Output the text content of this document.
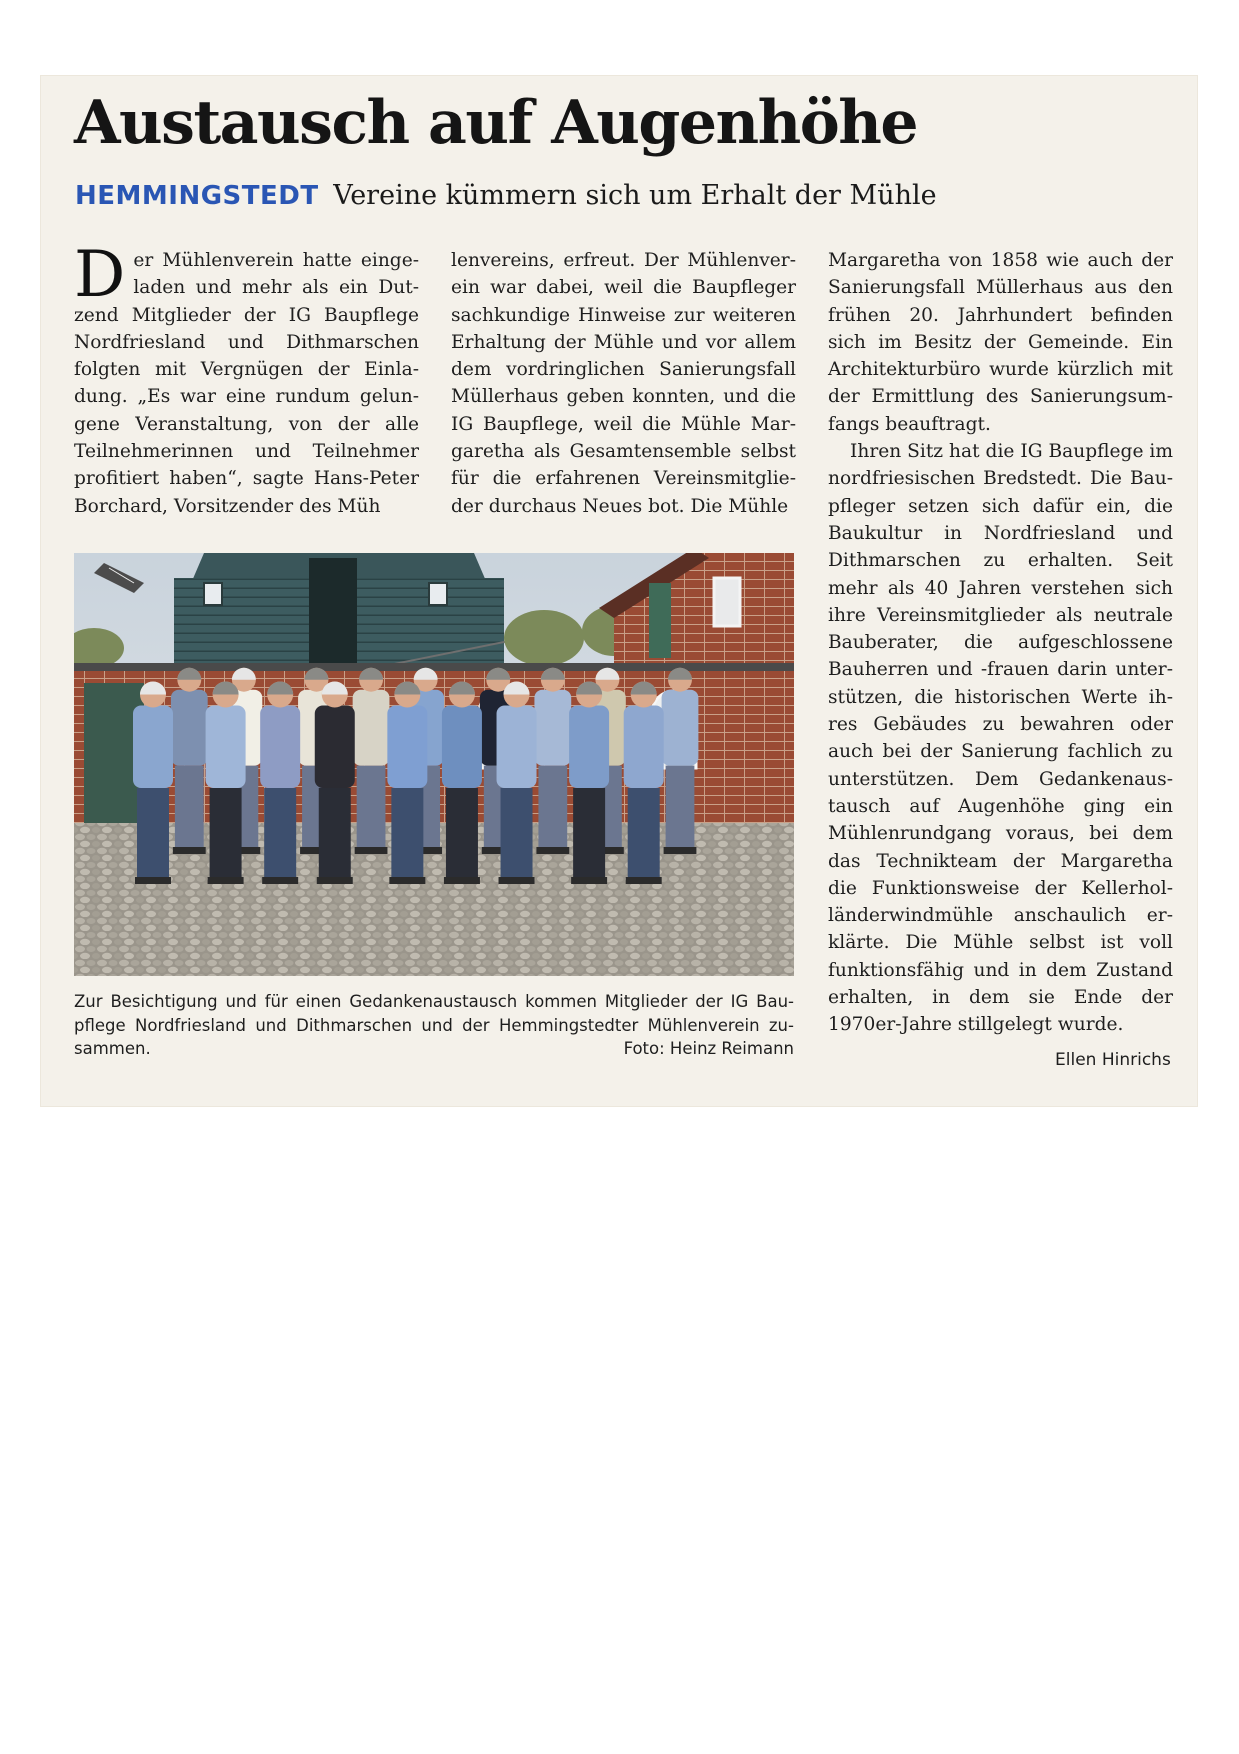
Austausch auf Augenhöhe
HEMMINGSTEDT Vereine kümmern sich um Erhalt der Mühle

Der Mühlenverein hatte eingeladen und mehr als ein Dutzend Mitglieder der IG Baupflege Nordfriesland und Dithmarschen folgten mit Vergnügen der Einladung. „Es war eine rundum gelungene Veranstaltung, von der alle Teilnehmerinnen und Teilnehmer profitiert haben“, sagte Hans-Peter Borchard, Vorsitzender des Müh

lenvereins, erfreut. Der Mühlenverein war dabei, weil die Baupfleger sachkundige Hinweise zur weiteren Erhaltung der Mühle und vor allem dem vordringlichen Sanierungsfall Müllerhaus geben konnten, und die IG Baupflege, weil die Mühle Margaretha als Gesamtensemble selbst für die erfahrenen Vereinsmitglieder durchaus Neues bot. Die Mühle

Margaretha von 1858 wie auch der Sanierungsfall Müllerhaus aus den frühen 20. Jahrhundert befinden sich im Besitz der Gemeinde. Ein Architekturbüro wurde kürzlich mit der Ermittlung des Sanierungsumfangs beauftragt.

Ihren Sitz hat die IG Baupflege im nordfriesischen Bredstedt. Die Baupfleger setzen sich dafür ein, die Baukultur in Nordfriesland und Dithmarschen zu erhalten. Seit mehr als 40 Jahren verstehen sich ihre Vereinsmitglieder als neutrale Bauberater, die aufgeschlossene Bauherren und -frauen darin unterstützen, die historischen Werte ihres Gebäudes zu bewahren oder auch bei der Sanierung fachlich zu unterstützen. Dem Gedankenaustausch auf Augenhöhe ging ein Mühlenrundgang voraus, bei dem das Technikteam der Margaretha die Funktionsweise der Kellerholländerwindmühle anschaulich erklärte. Die Mühle selbst ist voll funktionsfähig und in dem Zustand erhalten, in dem sie Ende der 1970er-Jahre stillgelegt wurde.

Zur Besichtigung und für einen Gedankenaustausch kommen Mitglieder der IG Baupflege Nordfriesland und Dithmarschen und der Hemmingstedter Mühlenverein zusammen.	Foto: Heinz Reimann
Ellen Hinrichs
